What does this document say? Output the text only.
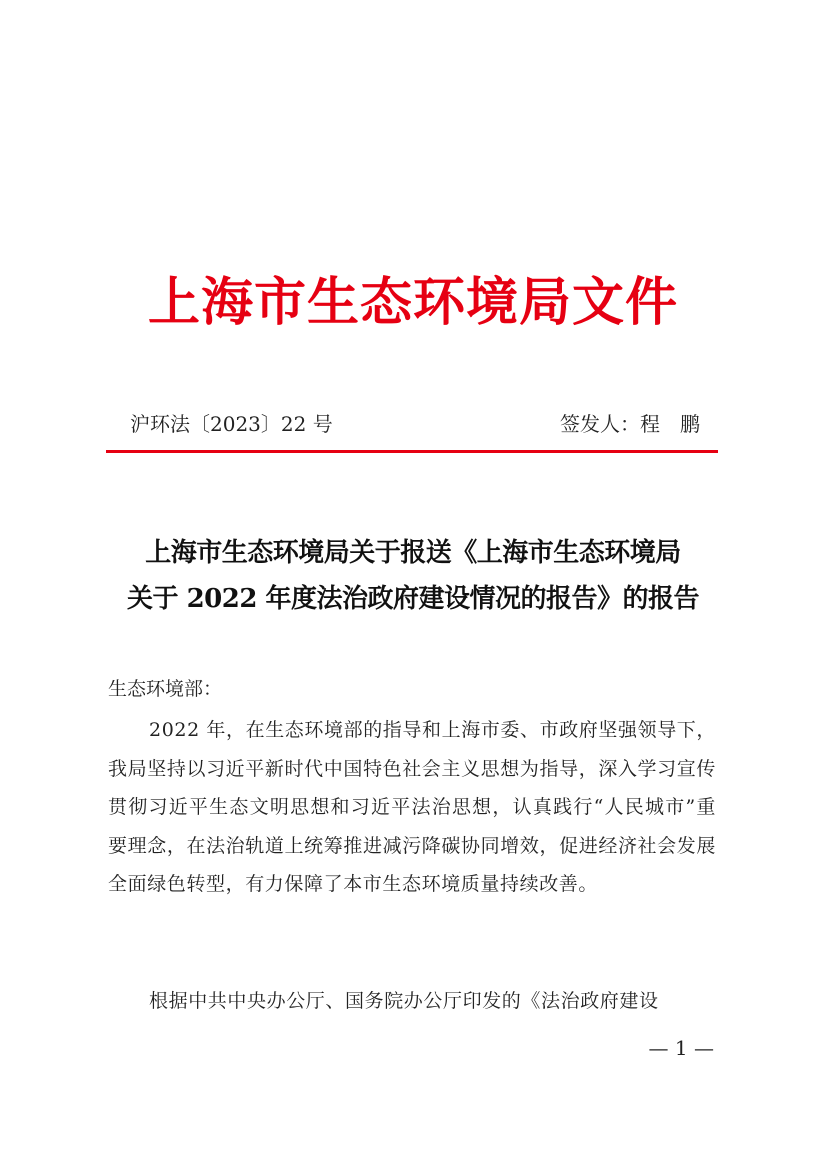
上海市生态环境局文件
沪环法〔2023〕22 号	签发人：程　鹏
上海市生态环境局关于报送《上海市生态环境局
关于 2022 年度法治政府建设情况的报告》的报告
生态环境部：
2022 年，在生态环境部的指导和上海市委、市政府坚强领导下，我局坚持以习近平新时代中国特色社会主义思想为指导，深入学习宣传贯彻习近平生态文明思想和习近平法治思想，认真践行“人民城市”重要理念，在法治轨道上统筹推进减污降碳协同增效，促进经济社会发展全面绿色转型，有力保障了本市生态环境质量持续改善。
根据中共中央办公厅、国务院办公厅印发的《法治政府建设
— 1 —
